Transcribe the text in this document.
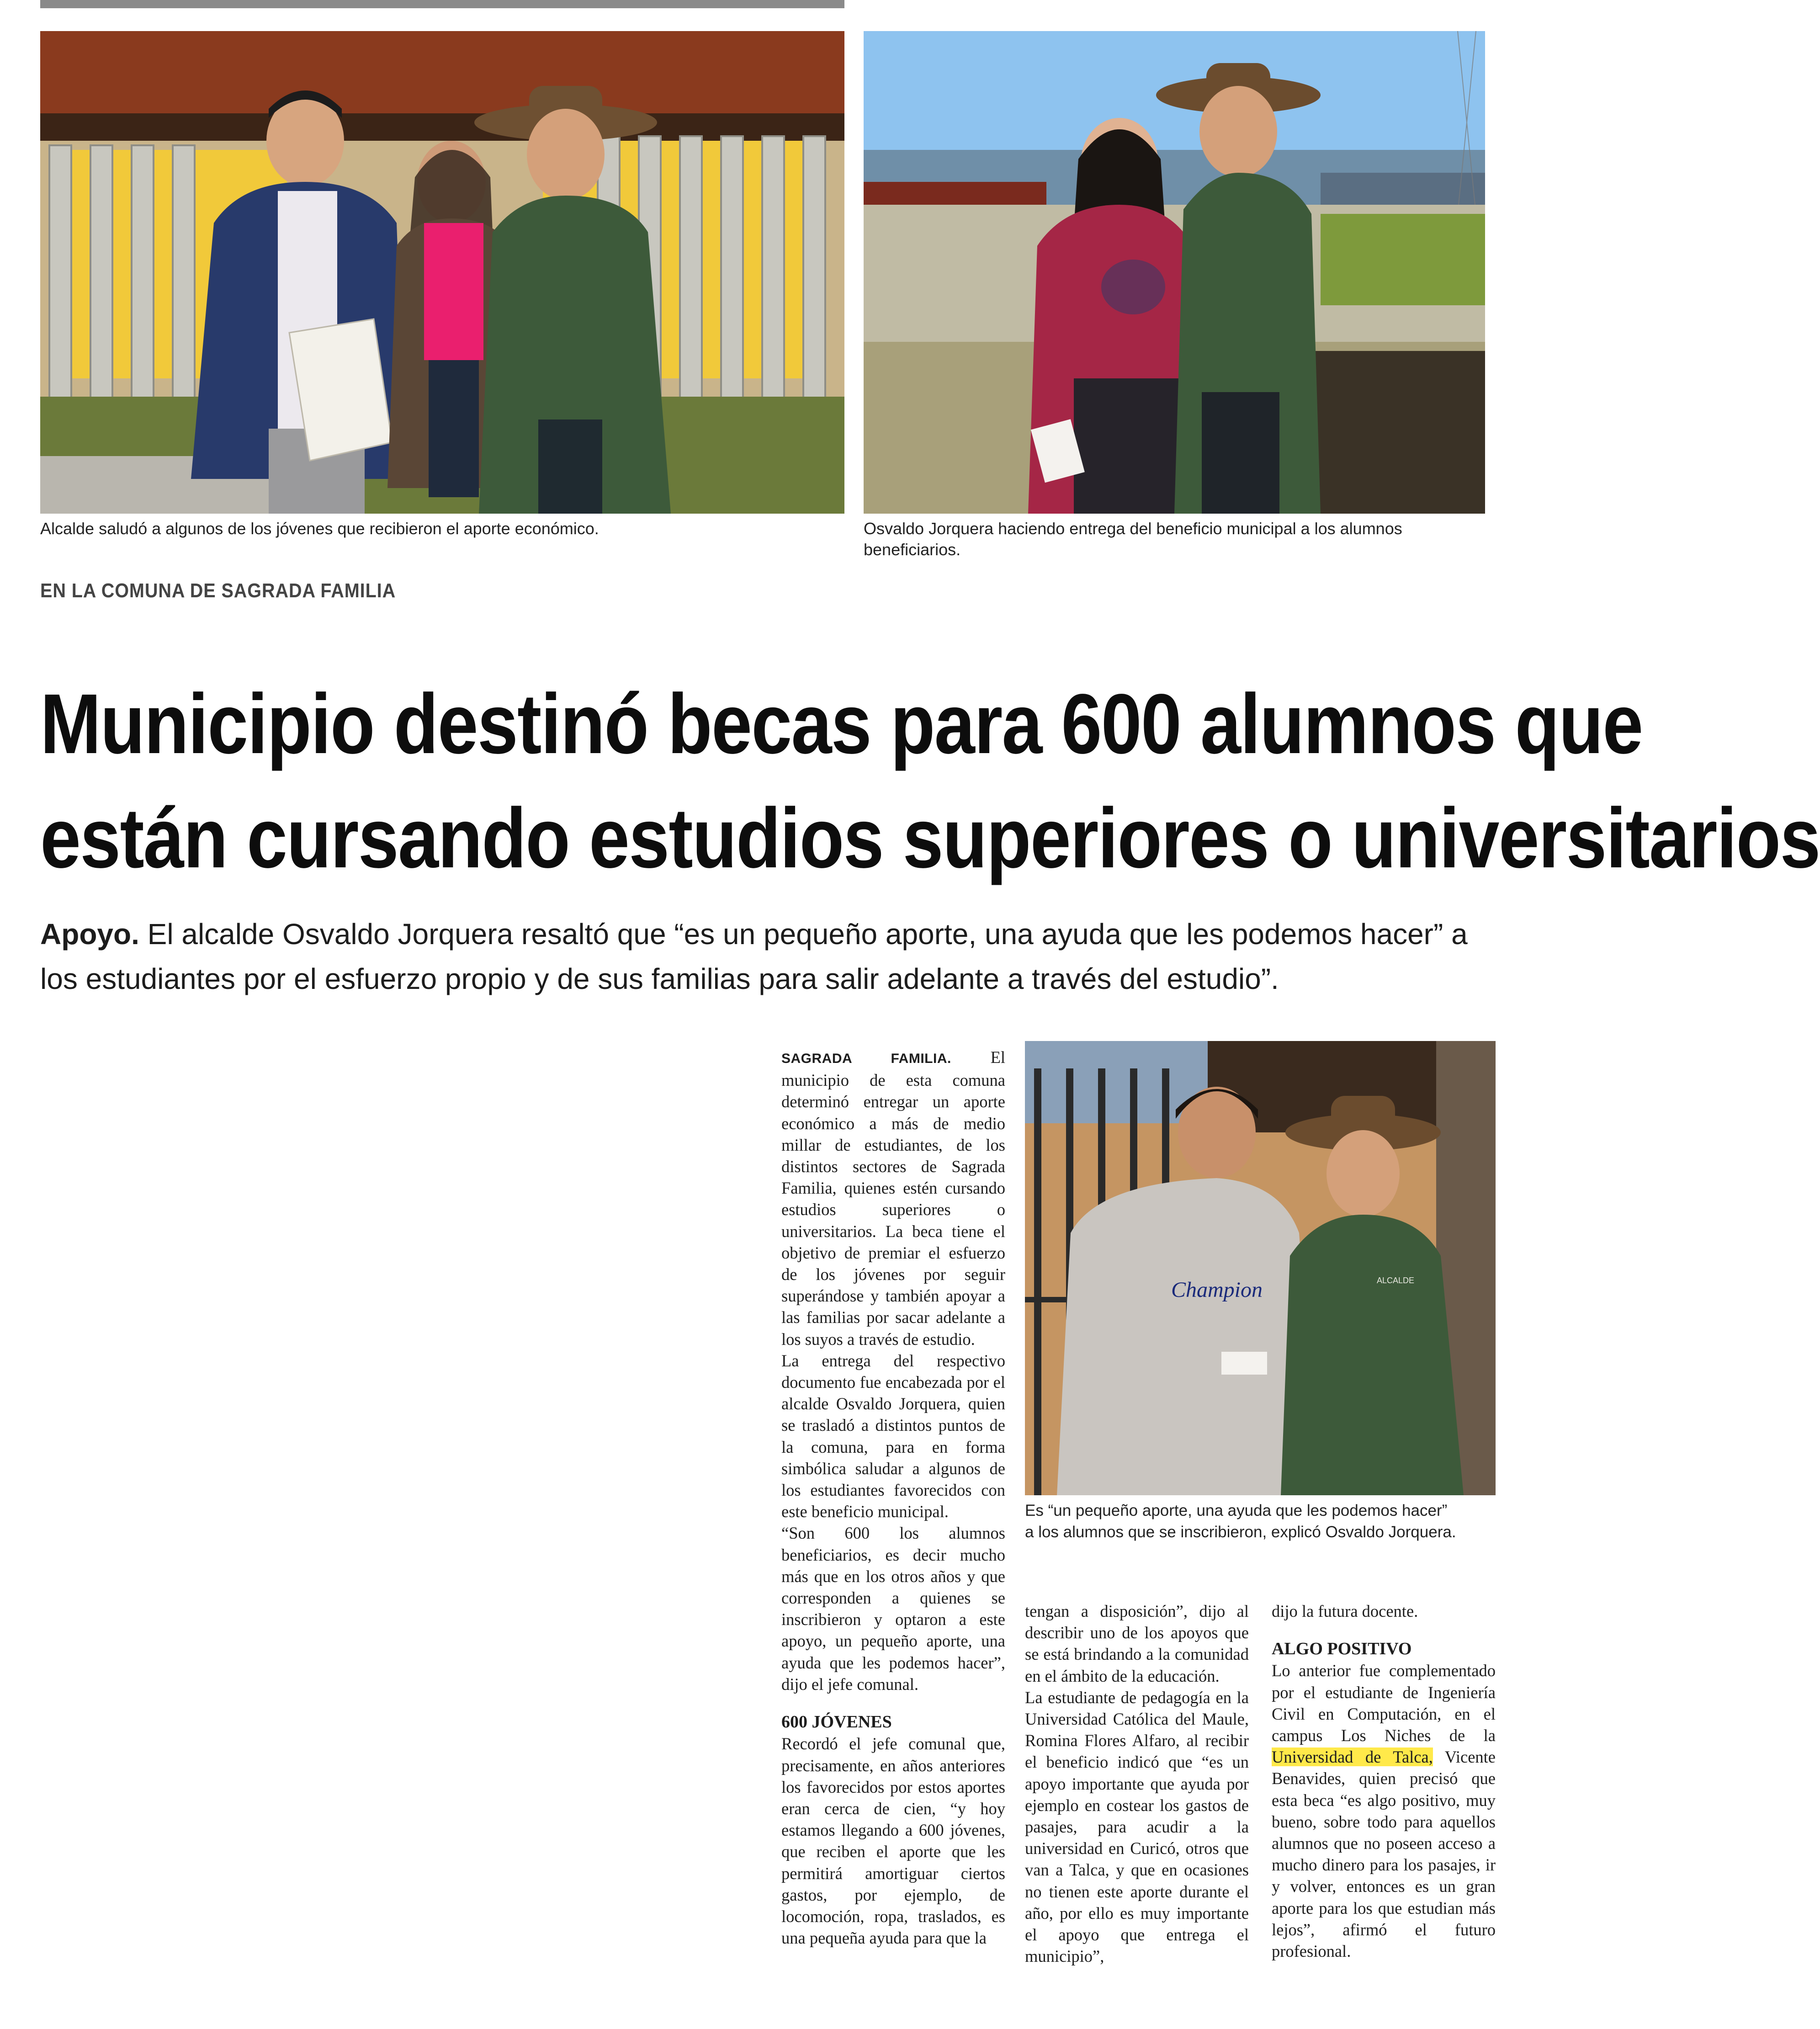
Alcalde saludó a algunos de los jóvenes que recibieron el aporte económico.	Osvaldo Jorquera haciendo entrega del beneficio municipal a los alumnos
beneficiarios.
EN LA COMUNA DE SAGRADA FAMILIA
Municipio destinó becas para 600 alumnos que
están cursando estudios superiores o universitarios
Apoyo. El alcalde Osvaldo Jorquera resaltó que “es un pequeño aporte, una ayuda que les podemos hacer” a los estudiantes por el esfuerzo propio y de sus familias para salir adelante a través del estudio”.
Champion	ALCALDE
Es “un pequeño aporte, una ayuda que les podemos hacer”
a los alumnos que se inscribieron, explicó Osvaldo Jorquera.

SAGRADA FAMILIA. El municipio de esta comuna determinó entregar un aporte económico a más de medio millar de estudiantes, de los distintos sectores de Sagrada Familia, quienes estén cursando estudios superiores o universitarios. La beca tiene el objetivo de premiar el esfuerzo de los jóvenes por seguir superándose y también apoyar a las familias por sacar adelante a los suyos a través de estudio.

La entrega del respectivo documento fue encabezada por el alcalde Osvaldo Jorquera, quien se trasladó a distintos puntos de la comuna, para en forma simbólica saludar a algunos de los estudiantes favorecidos con este beneficio municipal.

“Son 600 los alumnos beneficiarios, es decir mucho más que en los otros años y que corresponden a quienes se inscribieron y optaron a este apoyo, un pequeño aporte, una ayuda que les podemos hacer”, dijo el jefe comunal.

600 JÓVENES

Recordó el jefe comunal que, precisamente, en años anteriores los favorecidos por estos aportes eran cerca de cien, “y hoy estamos llegando a 600 jóvenes, que reciben el aporte que les permitirá amortiguar ciertos gastos, por ejemplo, de locomoción, ropa, traslados, es una pequeña ayuda para que la

tengan a disposición”, dijo al describir uno de los apoyos que se está brindando a la comunidad en el ámbito de la educación.

La estudiante de pedagogía en la Universidad Católica del Maule, Romina Flores Alfaro, al recibir el beneficio indicó que “es un apoyo importante que ayuda por ejemplo en costear los gastos de pasajes, para acudir a la universidad en Curicó, otros que van a Talca, y que en ocasiones no tienen este aporte durante el año, por ello es muy importante el apoyo que entrega el municipio”,

dijo la futura docente.

ALGO POSITIVO

Lo anterior fue complementado por el estudiante de Ingeniería Civil en Computación, en el campus Los Niches de la Universidad de Talca, Vicente Benavides, quien precisó que esta beca “es algo positivo, muy bueno, sobre todo para aquellos alumnos que no poseen acceso a mucho dinero para los pasajes, ir y volver, entonces es un gran aporte para los que estudian más lejos”, afirmó el futuro profesional.
